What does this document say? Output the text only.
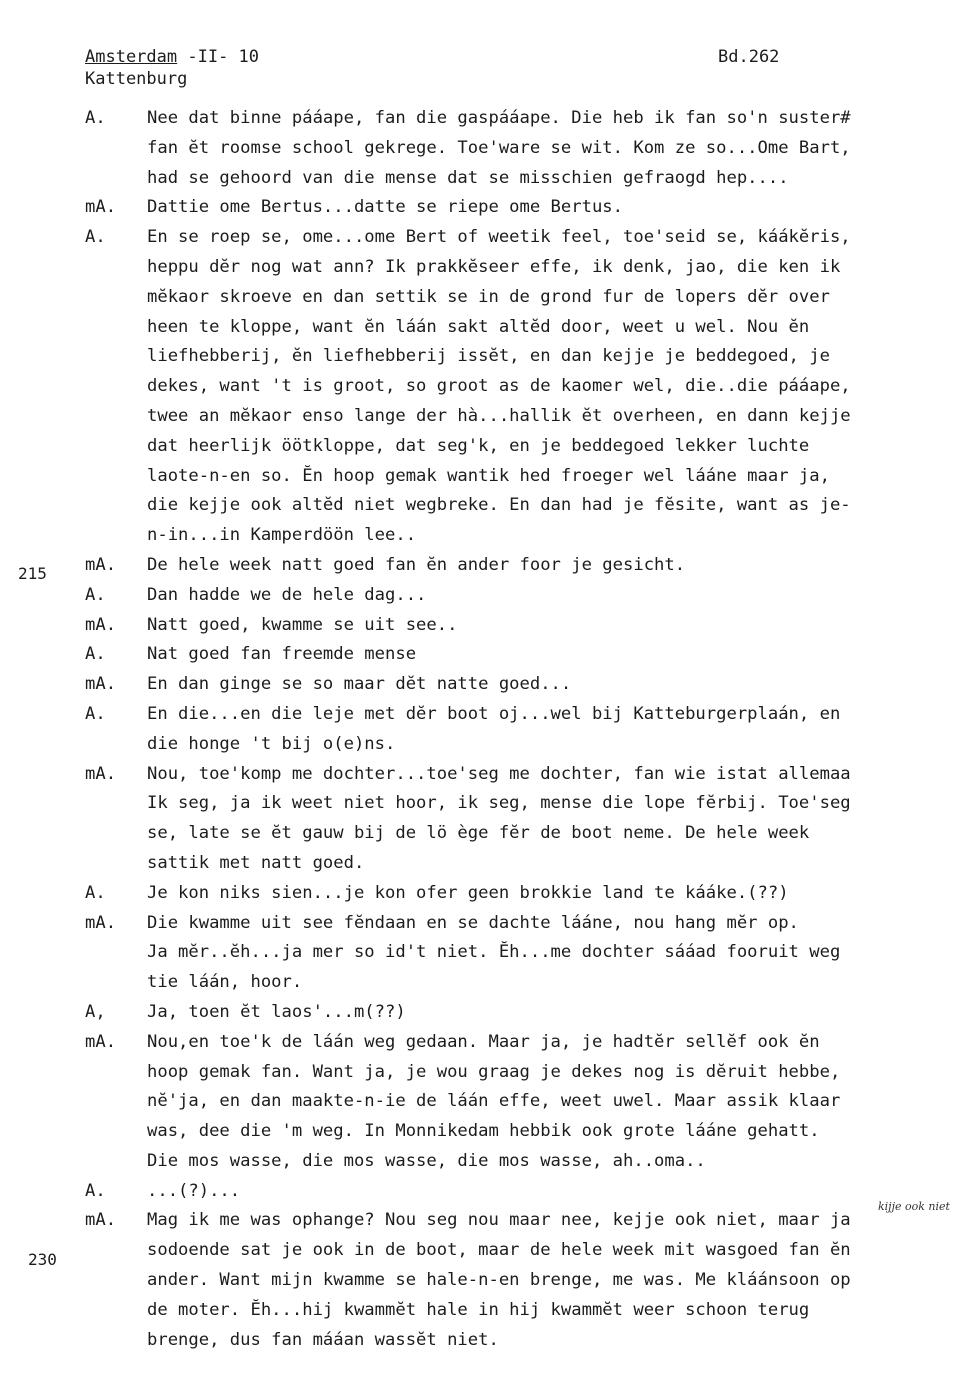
Amsterdam -II- 10
Kattenburg
Bd.262
215
230
kijje ook niet
A.	Nee dat binne pááape, fan die gaspááape. Die heb ik fan so'n suster#
fan ĕt roomse school gekrege. Toe'ware se wit. Kom ze so...Ome Bart,
had se gehoord van die mense dat se misschien gefraogd hep....
mA.	Dattie ome Bertus...datte se riepe ome Bertus.
A.	En se roep se, ome...ome Bert of weetik feel, toe'seid se, káákĕris,
heppu dĕr nog wat ann? Ik prakkĕseer effe, ik denk, jao, die ken ik
mĕkaor skroeve en dan settik se in de grond fur de lopers dĕr over
heen te kloppe, want ĕn láán sakt altĕd door, weet u wel. Nou ĕn
liefhebberij, ĕn liefhebberij issĕt, en dan kejje je beddegoed, je
dekes, want 't is groot, so groot as de kaomer wel, die..die pááape,
twee an mĕkaor enso lange der hà...hallik ĕt overheen, en dann kejje
dat heerlijk öötkloppe, dat seg'k, en je beddegoed lekker luchte
laote-n-en so. Ĕn hoop gemak wantik hed froeger wel lááne maar ja,
die kejje ook altĕd niet wegbreke. En dan had je fĕsite, want as je-
n-in...in Kamperdöön lee..
mA.	De hele week natt goed fan ĕn ander foor je gesicht.
A.	Dan hadde we de hele dag...
mA.	Natt goed, kwamme se uit see..
A.	Nat goed fan freemde mense
mA.	En dan ginge se so maar dĕt natte goed...
A.	En die...en die leje met dĕr boot oj...wel bij Katteburgerplaán, en
die honge 't bij o(e)ns.
mA.	Nou, toe'komp me dochter...toe'seg me dochter, fan wie istat allemaa
Ik seg, ja ik weet niet hoor, ik seg, mense die lope fĕrbij. Toe'seg
se, late se ĕt gauw bij de lö ège fĕr de boot neme. De hele week
sattik met natt goed.
A.	Je kon niks sien...je kon ofer geen brokkie land te kááke.(??)
mA.	Die kwamme uit see fĕndaan en se dachte lááne, nou hang mĕr op.
Ja mĕr..ĕh...ja mer so id't niet. Ĕh...me dochter sááad fooruit weg
tie láán, hoor.
A,	Ja, toen ĕt laos'...m(??)
mA.	Nou,en toe'k de láán weg gedaan. Maar ja, je hadtĕr sellĕf ook ĕn
hoop gemak fan. Want ja, je wou graag je dekes nog is dĕruit hebbe,
nĕ'ja, en dan maakte-n-ie de láán effe, weet uwel. Maar assik klaar
was, dee die 'm weg. In Monnikedam hebbik ook grote lááne gehatt.
Die mos wasse, die mos wasse, die mos wasse, ah..oma..
A.	...(?)...
mA.	Mag ik me was ophange? Nou seg nou maar nee, kejje ook niet, maar ja
sodoende sat je ook in de boot, maar de hele week mit wasgoed fan ĕn
ander. Want mijn kwamme se hale-n-en brenge, me was. Me kláánsoon op
de moter. Ĕh...hij kwammĕt hale in hij kwammĕt weer schoon terug
brenge, dus fan mááan wassĕt niet.
